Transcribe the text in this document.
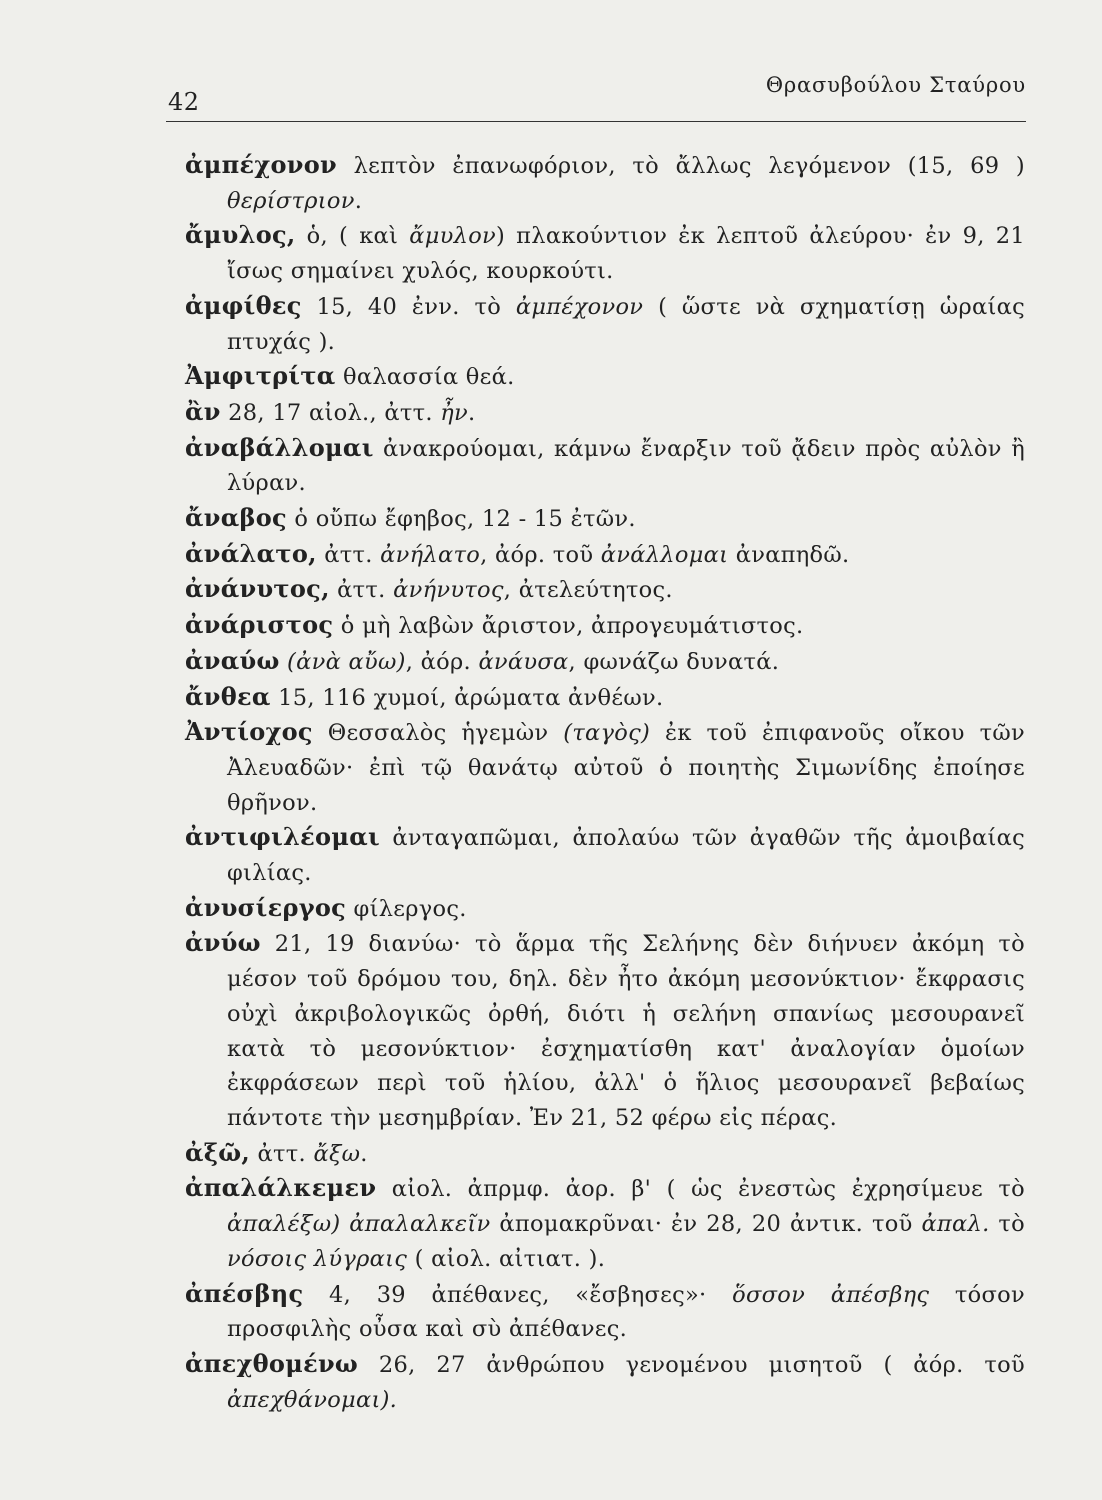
42
Θρασυβούλου Σταύρου

ἀμπέχονον λεπτὸν ἐπανωφόριον, τὸ ἄλλως λεγόμενον (15, 69 ) θερίστριον.

ἄμυλος, ὁ, ( καὶ ἄμυλον) πλακούντιον ἐκ λεπτοῦ ἀλεύρου· ἐν 9, 21 ἴσως σημαίνει χυλός, κουρκούτι.

ἀμφίθες 15, 40 ἐνν. τὸ ἀμπέχονον ( ὥστε νὰ σχηματίσῃ ὡραίας πτυχάς ).

Ἀμφιτρίτα θαλασσία θεά.

ἂν 28, 17 αἰολ., ἀττ. ἦν.

ἀναβάλλομαι ἀνακρούομαι, κάμνω ἔναρξιν τοῦ ᾄδειν πρὸς αὐλὸν ἢ λύραν.

ἄναβος ὁ οὔπω ἔφηβος, 12 - 15 ἐτῶν.

ἀνάλατο, ἀττ. ἀνήλατο, ἀόρ. τοῦ ἀνάλλομαι ἀναπηδῶ.

ἀνάνυτος, ἀττ. ἀνήνυτος, ἀτελεύτητος.

ἀνάριστος ὁ μὴ λαβὼν ἄριστον, ἀπρογευμάτιστος.

ἀναύω (ἀνὰ αὔω), ἀόρ. ἀνάυσα, φωνάζω δυνατά.

ἄνθεα 15, 116 χυμοί, ἀρώματα ἀνθέων.

Ἀντίοχος Θεσσαλὸς ἡγεμὼν (ταγὸς) ἐκ τοῦ ἐπιφανοῦς οἴκου τῶν Ἀλευαδῶν· ἐπὶ τῷ θανάτῳ αὐτοῦ ὁ ποιητὴς Σιμωνίδης ἐποίησε θρῆνον.

ἀντιφιλέομαι ἀνταγαπῶμαι, ἀπολαύω τῶν ἀγαθῶν τῆς ἀμοιβαίας φιλίας.

ἀνυσίεργος φίλεργος.

ἀνύω 21, 19 διανύω· τὸ ἅρμα τῆς Σελήνης δὲν διήνυεν ἀκόμη τὸ μέσον τοῦ δρόμου του, δηλ. δὲν ἦτο ἀκόμη μεσονύκτιον· ἔκφρασις οὐχὶ ἀκριβολογικῶς ὀρθή, διότι ἡ σελήνη σπανίως μεσουρανεῖ κατὰ τὸ μεσονύκτιον· ἐσχηματίσθη κατ' ἀναλογίαν ὁμοίων ἐκφράσεων περὶ τοῦ ἡλίου, ἀλλ' ὁ ἥλιος μεσουρανεῖ βεβαίως πάντοτε τὴν μεσημβρίαν. Ἐν 21, 52 φέρω εἰς πέρας.

ἀξῶ, ἀττ. ἄξω.

ἀπαλάλκεμεν αἰολ. ἀπρμφ. ἀορ. β' ( ὡς ἐνεστὼς ἐχρησίμευε τὸ ἀπαλέξω) ἀπαλαλκεῖν ἀπομακρῦναι· ἐν 28, 20 ἀντικ. τοῦ ἀπαλ. τὸ νόσοις λύγραις ( αἰολ. αἰτιατ. ).

ἀπέσβης 4, 39 ἀπέθανες, «ἔσβησες»· ὅσσον ἀπέσβης τόσον προσφιλὴς οὖσα καὶ σὺ ἀπέθανες.

ἀπεχθομένω 26, 27 ἀνθρώπου γενομένου μισητοῦ ( ἀόρ. τοῦ ἀπεχθάνομαι).
